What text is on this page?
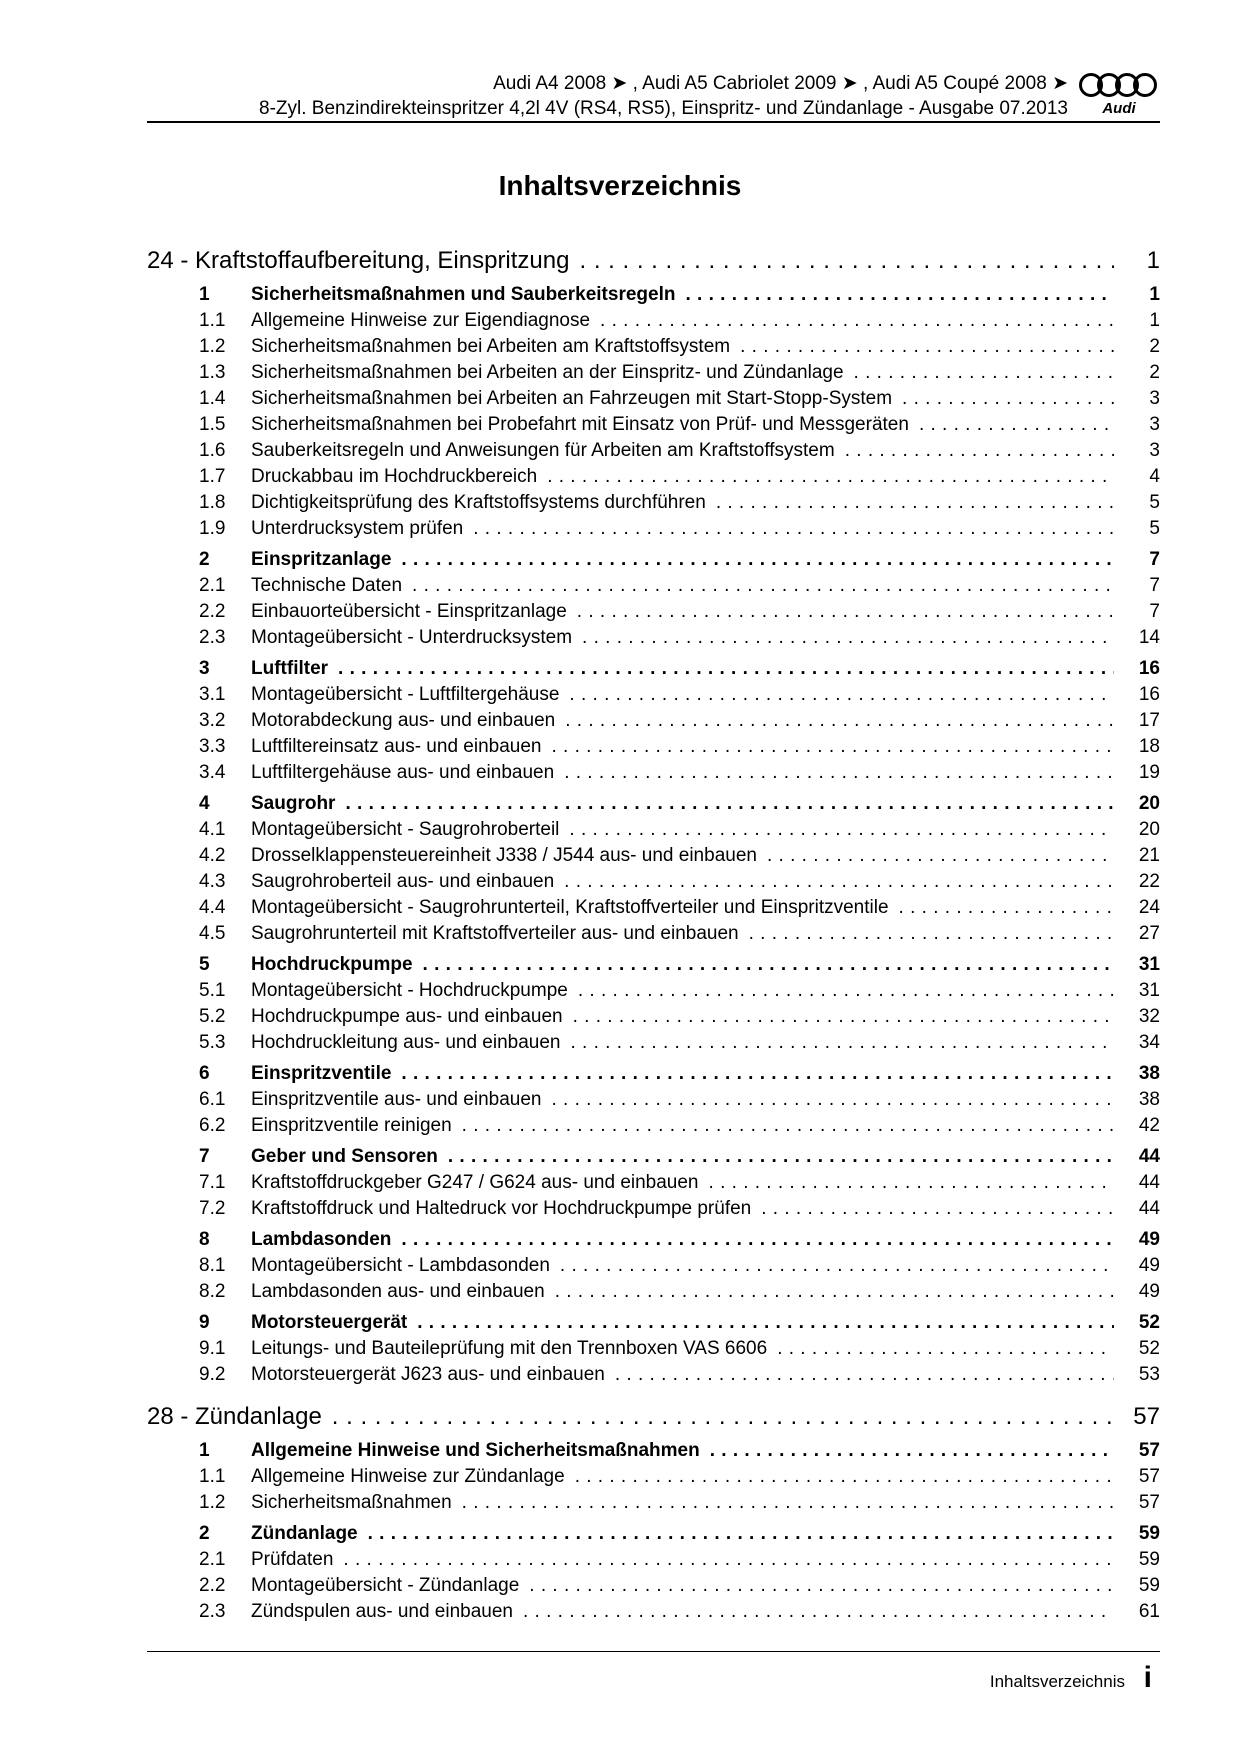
Audi A4 2008 ➤ , Audi A5 Cabriolet 2009 ➤ , Audi A5 Coupé 2008 ➤
8-Zyl. Benzindirekteinspritzer 4,2l 4V (RS4, RS5), Einspritz- und Zündanlage - Ausgabe 07.2013 Audi
Inhaltsverzeichnis
24 - Kraftstoffaufbereitung, Einspritzung . . .	1
1	Sicherheitsmaßnahmen und Sauberkeitsregeln . . .	1
1.1	Allgemeine Hinweise zur Eigendiagnose . . .	1
1.2	Sicherheitsmaßnahmen bei Arbeiten am Kraftstoffsystem . . .	2
1.3	Sicherheitsmaßnahmen bei Arbeiten an der Einspritz- und Zündanlage . . .	2
1.4	Sicherheitsmaßnahmen bei Arbeiten an Fahrzeugen mit Start-Stopp-System . . .	3
1.5	Sicherheitsmaßnahmen bei Probefahrt mit Einsatz von Prüf- und Messgeräten . . .	3
1.6	Sauberkeitsregeln und Anweisungen für Arbeiten am Kraftstoffsystem . . .	3
1.7	Druckabbau im Hochdruckbereich . . .	4
1.8	Dichtigkeitsprüfung des Kraftstoffsystems durchführen . . .	5
1.9	Unterdrucksystem prüfen . . .	5
2	Einspritzanlage . . .	7
2.1	Technische Daten . . .	7
2.2	Einbauorteübersicht - Einspritzanlage . . .	7
2.3	Montageübersicht - Unterdrucksystem . . .	14
3	Luftfilter . . .	16
3.1	Montageübersicht - Luftfiltergehäuse . . .	16
3.2	Motorabdeckung aus- und einbauen . . .	17
3.3	Luftfiltereinsatz aus- und einbauen . . .	18
3.4	Luftfiltergehäuse aus- und einbauen . . .	19
4	Saugrohr . . .	20
4.1	Montageübersicht - Saugrohroberteil . . .	20
4.2	Drosselklappensteuereinheit J338 / J544 aus- und einbauen . . .	21
4.3	Saugrohroberteil aus- und einbauen . . .	22
4.4	Montageübersicht - Saugrohrunterteil, Kraftstoffverteiler und Einspritzventile . . .	24
4.5	Saugrohrunterteil mit Kraftstoffverteiler aus- und einbauen . . .	27
5	Hochdruckpumpe . . .	31
5.1	Montageübersicht - Hochdruckpumpe . . .	31
5.2	Hochdruckpumpe aus- und einbauen . . .	32
5.3	Hochdruckleitung aus- und einbauen . . .	34
6	Einspritzventile . . .	38
6.1	Einspritzventile aus- und einbauen . . .	38
6.2	Einspritzventile reinigen . . .	42
7	Geber und Sensoren . . .	44
7.1	Kraftstoffdruckgeber G247 / G624 aus- und einbauen . . .	44
7.2	Kraftstoffdruck und Haltedruck vor Hochdruckpumpe prüfen . . .	44
8	Lambdasonden . . .	49
8.1	Montageübersicht - Lambdasonden . . .	49
8.2	Lambdasonden aus- und einbauen . . .	49
9	Motorsteuergerät . . .	52
9.1	Leitungs- und Bauteileprüfung mit den Trennboxen VAS 6606 . . .	52
9.2	Motorsteuergerät J623 aus- und einbauen . . .	53
28 - Zündanlage . . .	57
1	Allgemeine Hinweise und Sicherheitsmaßnahmen . . .	57
1.1	Allgemeine Hinweise zur Zündanlage . . .	57
1.2	Sicherheitsmaßnahmen . . .	57
2	Zündanlage . . .	59
2.1	Prüfdaten . . .	59
2.2	Montageübersicht - Zündanlage . . .	59
2.3	Zündspulen aus- und einbauen . . .	61
Inhaltsverzeichnis i
